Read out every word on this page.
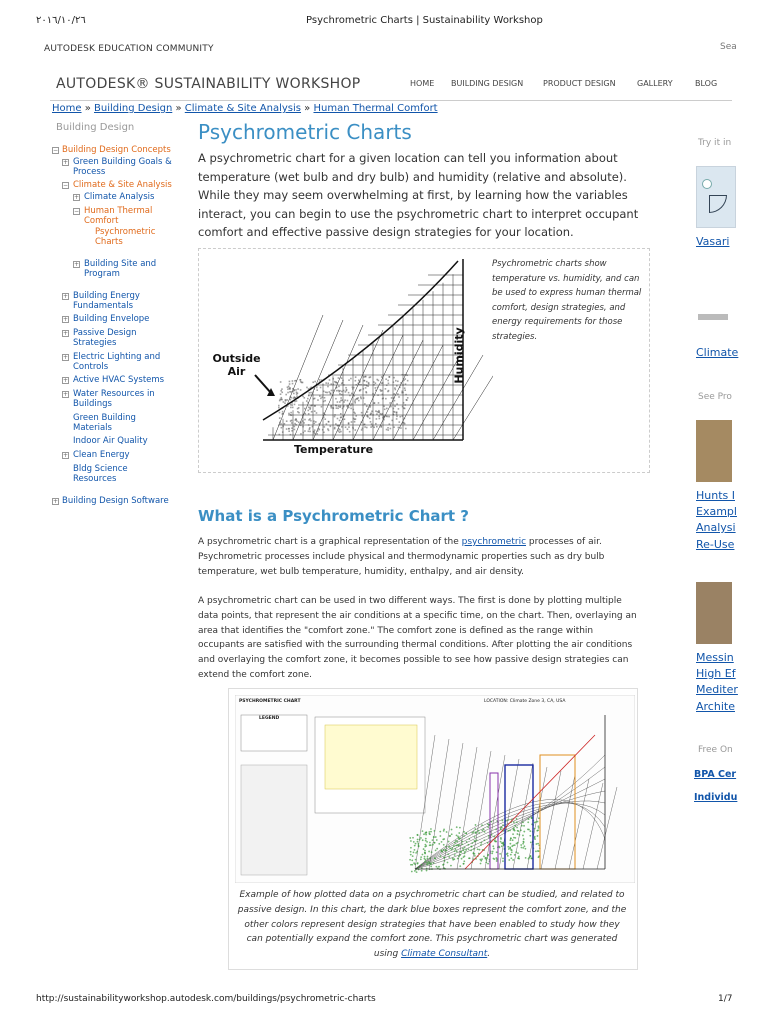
٢٠١٦/١٠/٢٦	Psychrometric Charts | Sustainability Workshop
AUTODESK EDUCATION COMMUNITY	Sea
AUTODESK® SUSTAINABILITY WORKSHOP	HOME BUILDING DESIGN PRODUCT DESIGN	GALLERY	BLOG
Home » Building Design » Climate & Site Analysis » Human Thermal Comfort
Building Design
− Building Design Concepts
+ Green Building Goals & Process
− Climate & Site Analysis
+ Climate Analysis
− Human Thermal Comfort
Psychrometric Charts
+ Building Site and Program
+ Building Energy Fundamentals
+ Building Envelope
+ Passive Design Strategies
+ Electric Lighting and Controls
+ Active HVAC Systems
+ Water Resources in Buildings
Green Building Materials
Indoor Air Quality
+ Clean Energy
Bldg Science Resources
+ Building Design Software
Psychrometric Charts

A psychrometric chart for a given location can tell you information about temperature (wet bulb and dry bulb) and humidity (relative and absolute). While they may seem overwhelming at first, by learning how the variables interact, you can begin to use the psychrometric chart to interpret occupant comfort and effective passive design strategies for your location.

Outside Air	Humidity
Temperature

Psychrometric charts show temperature vs. humidity, and can be used to express human thermal comfort, design strategies, and energy requirements for those strategies.

What is a Psychrometric Chart ?

A psychrometric chart is a graphical representation of the psychrometric processes of air. Psychrometric processes include physical and thermodynamic properties such as dry bulb temperature, wet bulb temperature, humidity, enthalpy, and air density.

A psychrometric chart can be used in two different ways. The first is done by plotting multiple data points, that represent the air conditions at a specific time, on the chart. Then, overlaying an area that identifies the "comfort zone." The comfort zone is defined as the range within occupants are satisfied with the surrounding thermal conditions. After plotting the air conditions and overlaying the comfort zone, it becomes possible to see how passive design strategies can extend the comfort zone.

PSYCHROMETRIC CHART
LEGEND
LOCATION: Climate Zone 3, CA, USA

Example of how plotted data on a psychrometric chart can be studied, and related to passive design. In this chart, the dark blue boxes represent the comfort zone, and the other colors represent design strategies that have been enabled to study how they can potentially expand the comfort zone. This psychrometric chart was generated using Climate Consultant.

Try it in
Vasari
Climate
See Pro
Hunts I
Exampl
Analysi
Re-Use
Messin
High Ef
Mediter
Archite
Free On
BPA Cer
Individu
http://sustainabilityworkshop.autodesk.com/buildings/psychrometric-charts	1/7
